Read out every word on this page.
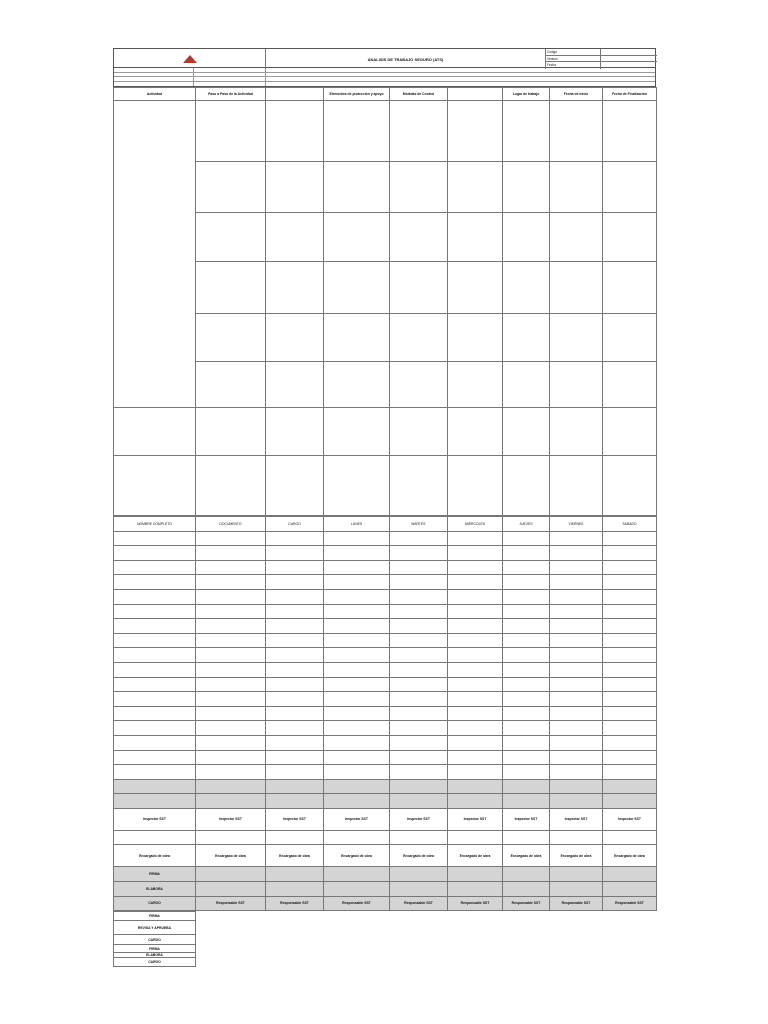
ANALISIS DE TRABAJO SEGURO (ATS)
Codigo
Version
Fecha
Actividad	Paso a Paso de la Actividad		Elementos de protección y apoyo	Medidas de Control		Lugar de trabajo	Fecha de Inicio	Fecha de Finalización

NOMBRE COMPLETO	DOCUMENTO	CARGO	LUNES	MARTES	MIERCOLES	JUEVES	VIERNES	SABADO

Inspector SST	Inspector SST	Inspector SST	Inspector SST	Inspector SST	Inspector SST	Inspector SST	Inspector SST	Inspector SST

Encargado de obra	Encargado de obra	Encargado de obra	Encargado de obra	Encargado de obra	Encargado de obra	Encargado de obra	Encargado de obra	Encargado de obra
FIRMA								
ELABORA								
CARGO	Responsable SST	Responsable SST	Responsable SST	Responsable SST	Responsable SST	Responsable SST	Responsable SST	Responsable SST
FIRMA
REVISA Y APRUEBA
CARGO
FIRMA
ELABORA
CARGO
